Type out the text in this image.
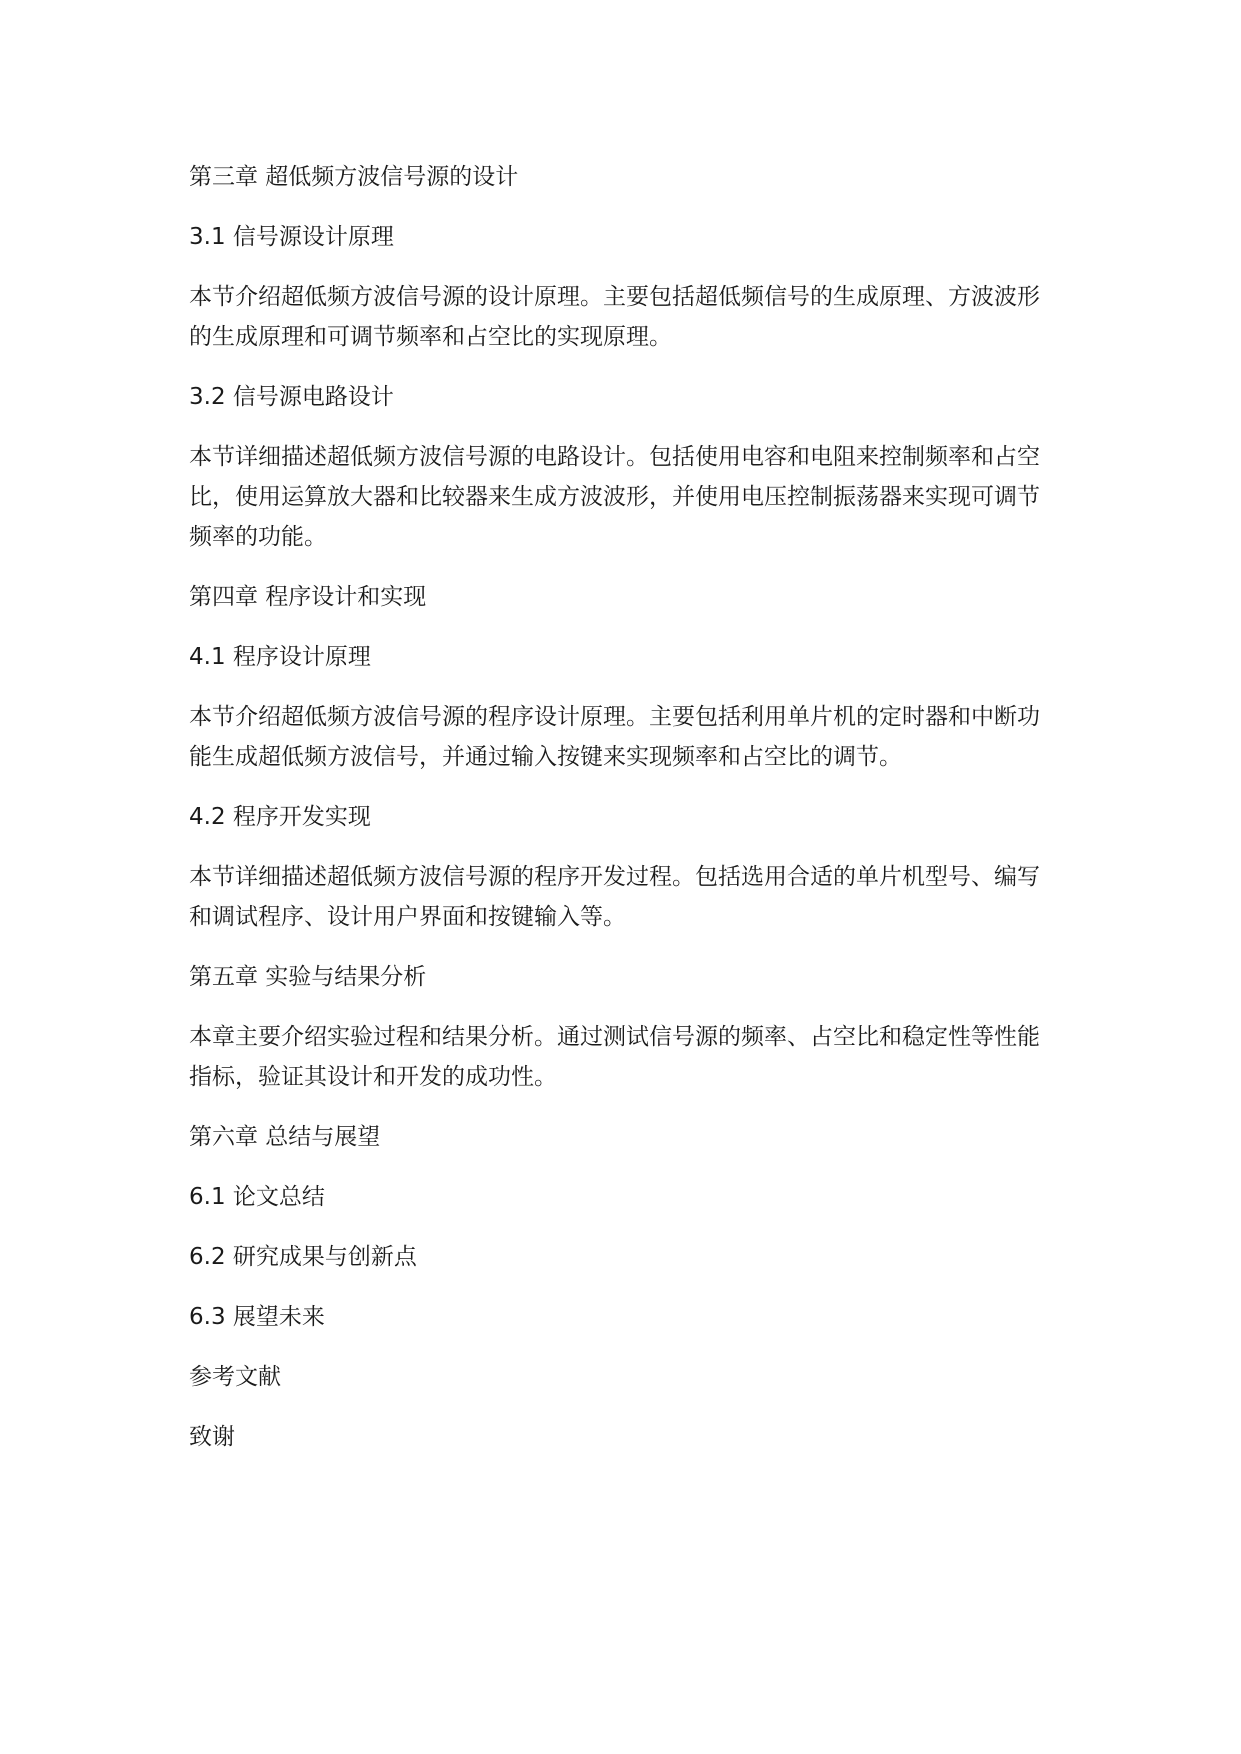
第三章 超低频方波信号源的设计

3.1 信号源设计原理

本节介绍超低频方波信号源的设计原理。主要包括超低频信号的生成原理、方波波形
的生成原理和可调节频率和占空比的实现原理。

3.2 信号源电路设计

本节详细描述超低频方波信号源的电路设计。包括使用电容和电阻来控制频率和占空
比，使用运算放大器和比较器来生成方波波形，并使用电压控制振荡器来实现可调节
频率的功能。

第四章 程序设计和实现

4.1 程序设计原理

本节介绍超低频方波信号源的程序设计原理。主要包括利用单片机的定时器和中断功
能生成超低频方波信号，并通过输入按键来实现频率和占空比的调节。

4.2 程序开发实现

本节详细描述超低频方波信号源的程序开发过程。包括选用合适的单片机型号、编写
和调试程序、设计用户界面和按键输入等。

第五章 实验与结果分析

本章主要介绍实验过程和结果分析。通过测试信号源的频率、占空比和稳定性等性能
指标，验证其设计和开发的成功性。

第六章 总结与展望

6.1 论文总结

6.2 研究成果与创新点

6.3 展望未来

参考文献

致谢
